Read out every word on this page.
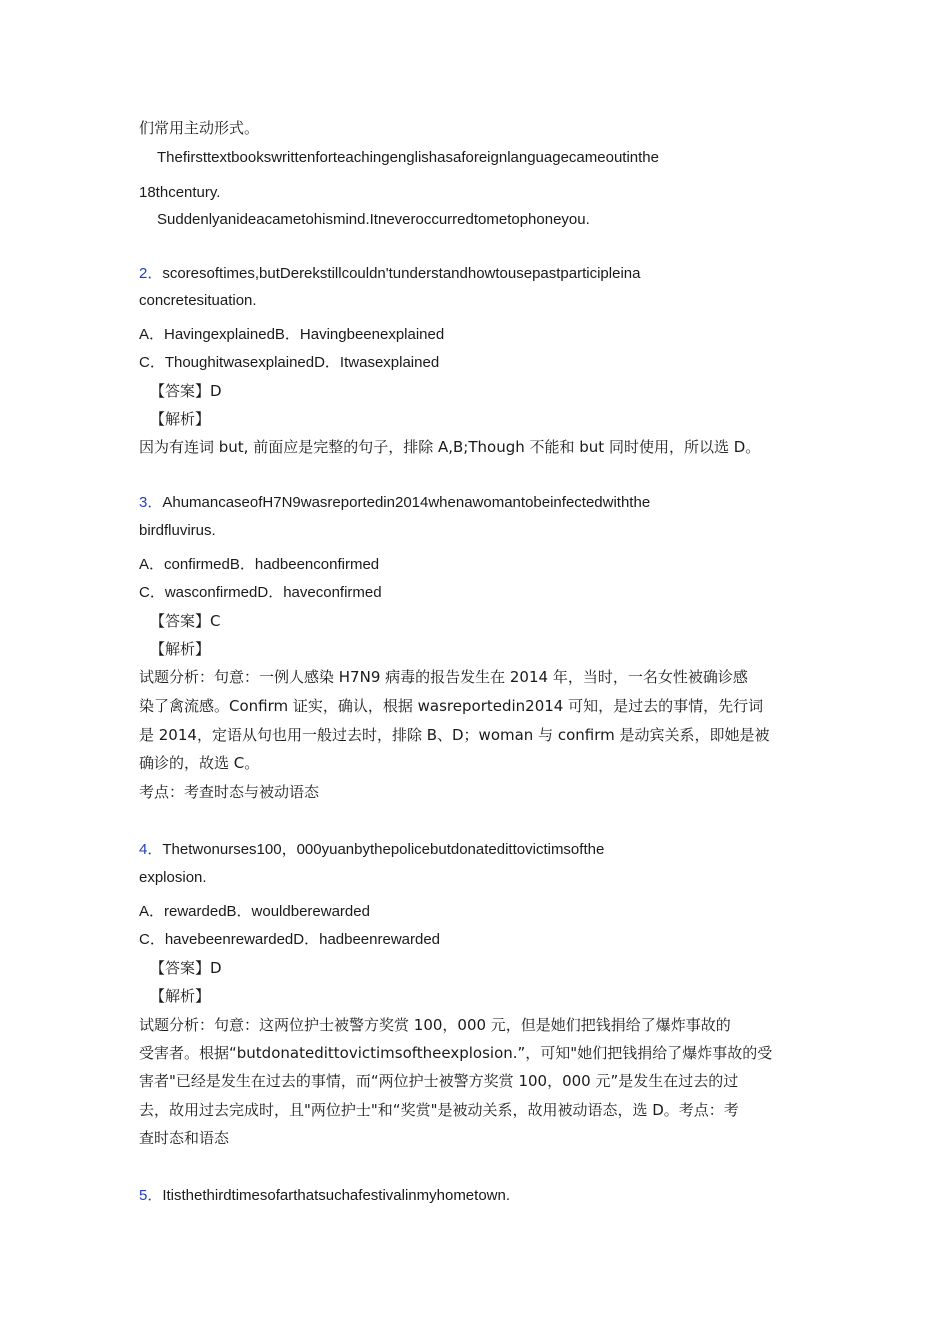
们常用主动形式。
Thefirsttextbookswrittenforteachingenglishasaforeignlanguagecameoutinthe
18thcentury.
Suddenlyanideacametohismind.Itneveroccurredtometophoneyou.
2．scoresoftimes,butDerekstillcouldn'tunderstandhowtousepastparticipleina
concretesituation.
A．HavingexplainedB．Havingbeenexplained
C．ThoughitwasexplainedD．Itwasexplained
【答案】D
【解析】
因为有连词 but, 前面应是完整的句子，排除 A,B;Though 不能和 but 同时使用，所以选 D。
3．AhumancaseofH7N9wasreportedin2014whenawomantobeinfectedwiththe
birdfluvirus.
A．confirmedB．hadbeenconfirmed
C．wasconfirmedD．haveconfirmed
【答案】C
【解析】
试题分析：句意：一例人感染 H7N9 病毒的报告发生在 2014 年，当时，一名女性被确诊感
染了禽流感。Confirm 证实，确认，根据 wasreportedin2014 可知，是过去的事情，先行词
是 2014，定语从句也用一般过去时，排除 B、D；woman 与 confirm 是动宾关系，即她是被
确诊的，故选 C。
考点：考查时态与被动语态
4．Thetwonurses100，000yuanbythepolicebutdonatedittovictimsofthe
explosion.
A．rewardedB．wouldberewarded
C．havebeenrewardedD．hadbeenrewarded
【答案】D
【解析】
试题分析：句意：这两位护士被警方奖赏 100，000 元，但是她们把钱捐给了爆炸事故的
受害者。根据“butdonatedittovictimsoftheexplosion.”，可知"她们把钱捐给了爆炸事故的受
害者"已经是发生在过去的事情，而“两位护士被警方奖赏 100，000 元”是发生在过去的过
去，故用过去完成时，且"两位护士"和“奖赏"是被动关系，故用被动语态，选 D。考点：考
查时态和语态
5．Itisthethirdtimesofarthatsuchafestivalinmyhometown.
